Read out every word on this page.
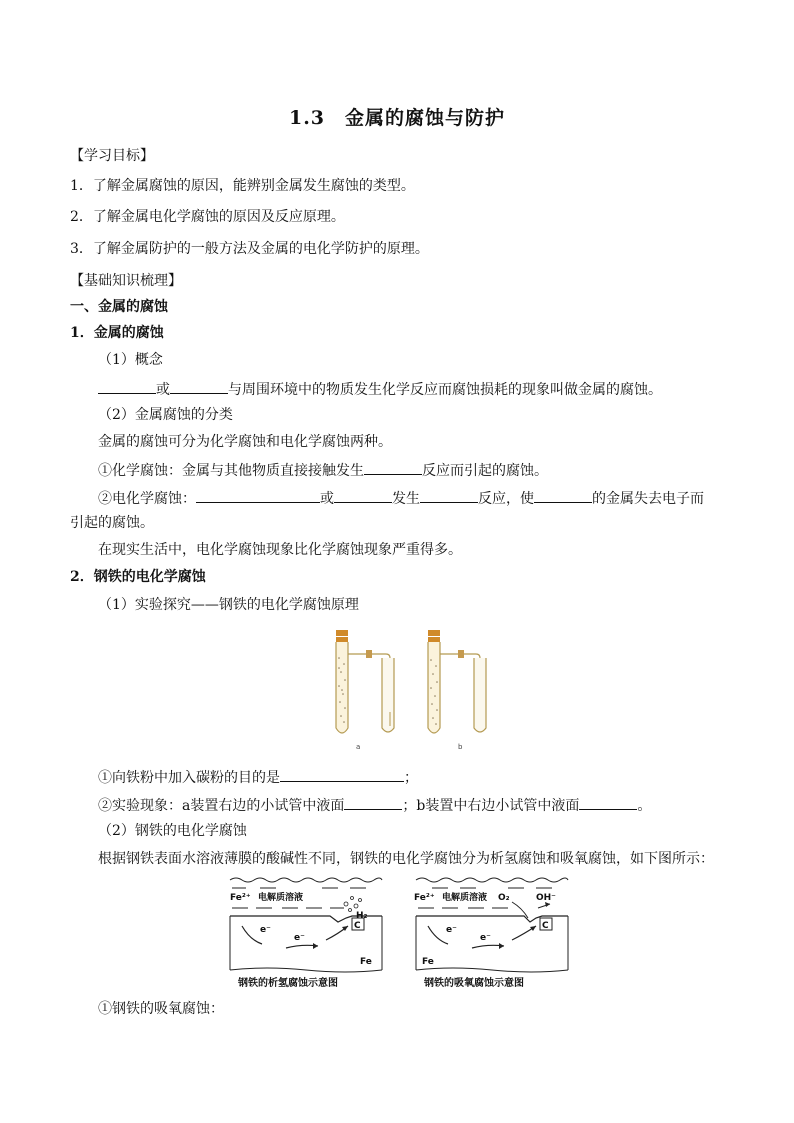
1.3　金属的腐蚀与防护
【学习目标】
1．了解金属腐蚀的原因，能辨别金属发生腐蚀的类型。
2．了解金属电化学腐蚀的原因及反应原理。
3．了解金属防护的一般方法及金属的电化学防护的原理。
【基础知识梳理】
一、金属的腐蚀
1．金属的腐蚀
（1）概念
或	与周围环境中的物质发生化学反应而腐蚀损耗的现象叫做金属的腐蚀。
（2）金属腐蚀的分类
金属的腐蚀可分为化学腐蚀和电化学腐蚀两种。
①化学腐蚀：金属与其他物质直接接触发生	反应而引起的腐蚀。
②电化学腐蚀：	或	发生	反应，使	的金属失去电子而
引起的腐蚀。
在现实生活中，电化学腐蚀现象比化学腐蚀现象严重得多。
2．钢铁的电化学腐蚀
（1）实验探究——钢铁的电化学腐蚀原理
a	b
①向铁粉中加入碳粉的目的是	；
②实验现象：a装置右边的小试管中液面	；b装置中右边小试管中液面	。
（2）钢铁的电化学腐蚀
根据钢铁表面水溶液薄膜的酸碱性不同，钢铁的电化学腐蚀分为析氢腐蚀和吸氧腐蚀，如下图所示：
Fe²⁺ 电解质溶液
H₂
C
e⁻
e⁻
Fe
钢铁的析氢腐蚀示意图
Fe²⁺ 电解质溶液 O₂	OH⁻
C
e⁻
e⁻
Fe
钢铁的吸氧腐蚀示意图
①钢铁的吸氧腐蚀：
